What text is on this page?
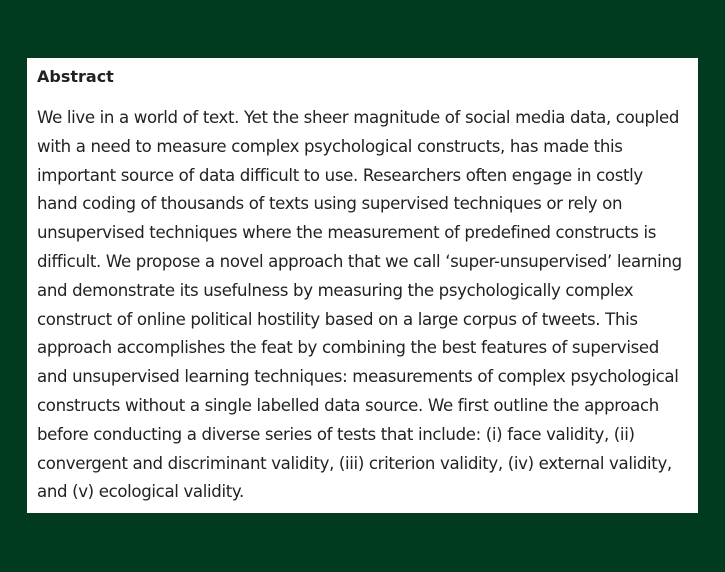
Abstract

We live in a world of text. Yet the sheer magnitude of social media data, coupled with a need to measure complex psychological constructs, has made this important source of data difficult to use. Researchers often engage in costly hand coding of thousands of texts using supervised techniques or rely on unsupervised techniques where the measurement of predefined constructs is difficult. We propose a novel approach that we call ‘super-unsupervised’ learning and demonstrate its usefulness by measuring the psychologically complex construct of online political hostility based on a large corpus of tweets. This approach accomplishes the feat by combining the best features of supervised and unsupervised learning techniques: measurements of complex psychological constructs without a single labelled data source. We first outline the approach before conducting a diverse series of tests that include: (i) face validity, (ii) convergent and discriminant validity, (iii) criterion validity, (iv) external validity, and (v) ecological validity.
